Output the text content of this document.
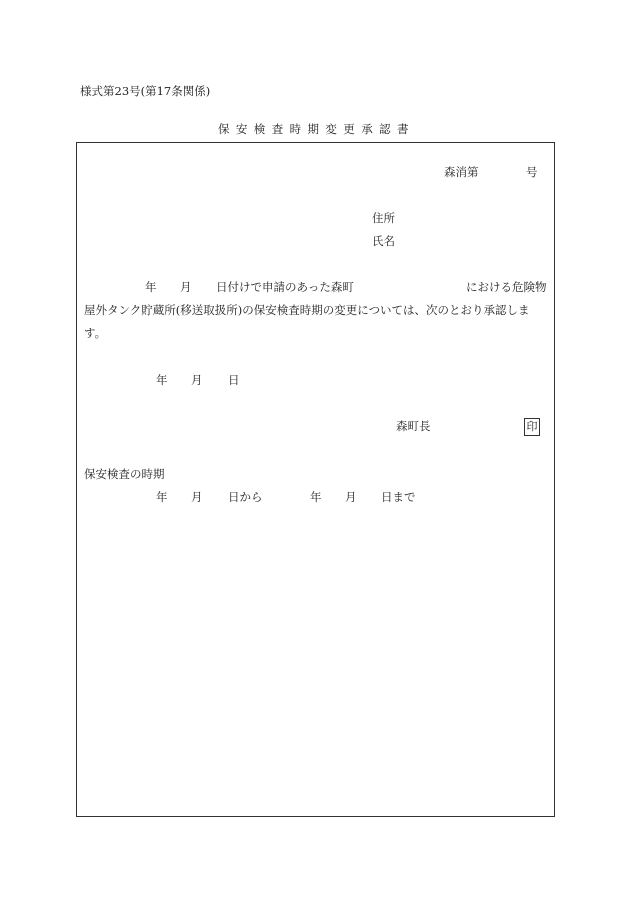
様式第23号(第17条関係)
保安検査時期変更承認書
森消第	号
住所
氏名
年 月 日付けで申請のあった森町	における危険物
屋外タンク貯蔵所(移送取扱所)の保安検査時期の変更については、次のとおり承認しま
す。
年 月 日
森町長	印
保安検査の時期
年 月 日から	年 月 日まで
